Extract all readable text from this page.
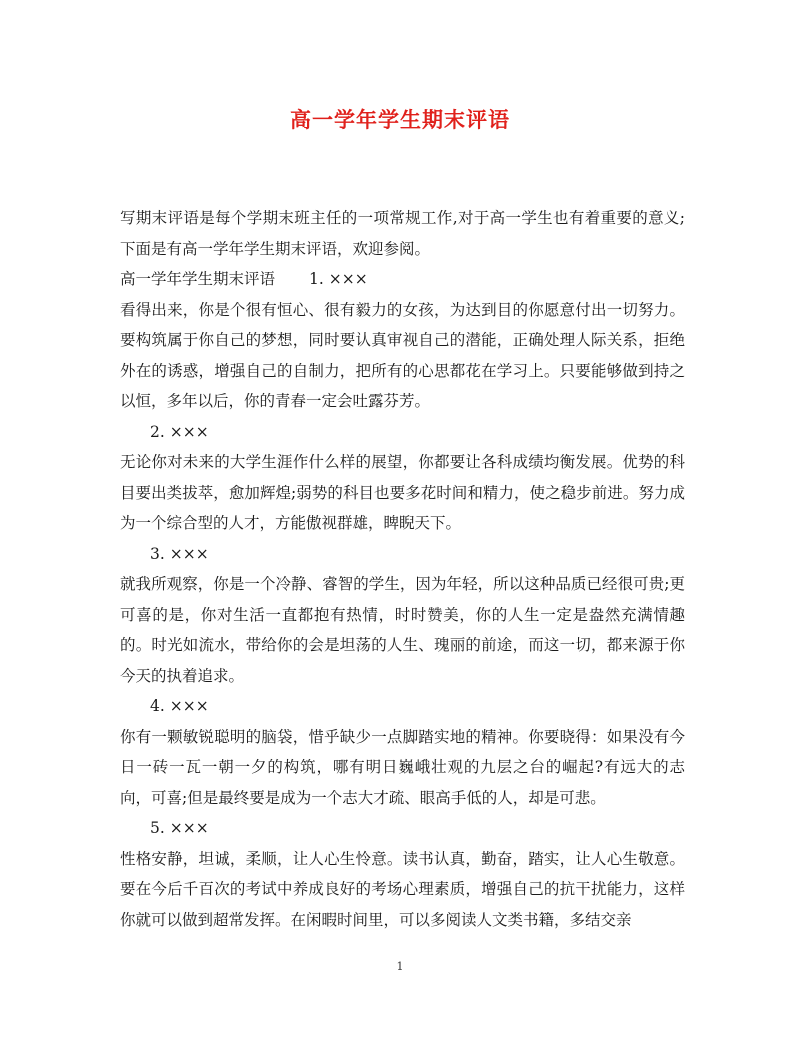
高一学年学生期末评语

写期末评语是每个学期末班主任的一项常规工作,对于高一学生也有着重要的意义;下面是有高一学年学生期末评语，欢迎参阅。

高一学年学生期末评语 1. ×××

看得出来，你是个很有恒心、很有毅力的女孩，为达到目的你愿意付出一切努力。要构筑属于你自己的梦想，同时要认真审视自己的潜能，正确处理人际关系，拒绝外在的诱惑，增强自己的自制力，把所有的心思都花在学习上。只要能够做到持之以恒，多年以后，你的青春一定会吐露芬芳。

2. ×××

无论你对未来的大学生涯作什么样的展望，你都要让各科成绩均衡发展。优势的科目要出类拔萃，愈加辉煌;弱势的科目也要多花时间和精力，使之稳步前进。努力成为一个综合型的人才，方能傲视群雄，睥睨天下。

3. ×××

就我所观察，你是一个冷静、睿智的学生，因为年轻，所以这种品质已经很可贵;更可喜的是，你对生活一直都抱有热情，时时赞美，你的人生一定是盎然充满情趣的。时光如流水，带给你的会是坦荡的人生、瑰丽的前途，而这一切，都来源于你今天的执着追求。

4. ×××

你有一颗敏锐聪明的脑袋，惜乎缺少一点脚踏实地的精神。你要晓得：如果没有今日一砖一瓦一朝一夕的构筑，哪有明日巍峨壮观的九层之台的崛起?有远大的志向，可喜;但是最终要是成为一个志大才疏、眼高手低的人，却是可悲。

5. ×××

性格安静，坦诚，柔顺，让人心生怜意。读书认真，勤奋，踏实，让人心生敬意。要在今后千百次的考试中养成良好的考场心理素质，增强自己的抗干扰能力，这样你就可以做到超常发挥。在闲暇时间里，可以多阅读人文类书籍，多结交亲

1
